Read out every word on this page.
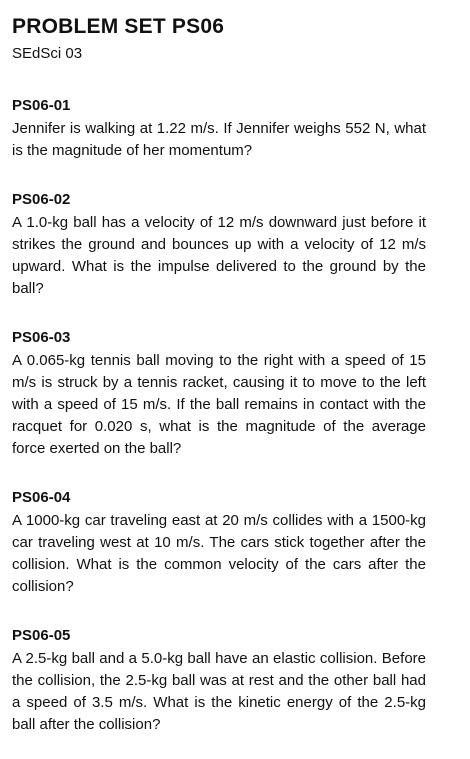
PROBLEM SET PS06

SEdSci 03

PS06-01

Jennifer is walking at 1.22 m/s. If Jennifer weighs 552 N, what is the magnitude of her momentum?

PS06-02

A 1.0-kg ball has a velocity of 12 m/s downward just before it strikes the ground and bounces up with a velocity of 12 m/s upward. What is the impulse delivered to the ground by the ball?

PS06-03

A 0.065-kg tennis ball moving to the right with a speed of 15 m/s is struck by a tennis racket, causing it to move to the left with a speed of 15 m/s. If the ball remains in contact with the racquet for 0.020 s, what is the magnitude of the average force exerted on the ball?

PS06-04

A 1000-kg car traveling east at 20 m/s collides with a 1500-kg car traveling west at 10 m/s. The cars stick together after the collision. What is the common velocity of the cars after the collision?

PS06-05

A 2.5-kg ball and a 5.0-kg ball have an elastic collision. Before the collision, the 2.5-kg ball was at rest and the other ball had a speed of 3.5 m/s. What is the kinetic energy of the 2.5-kg ball after the collision?
